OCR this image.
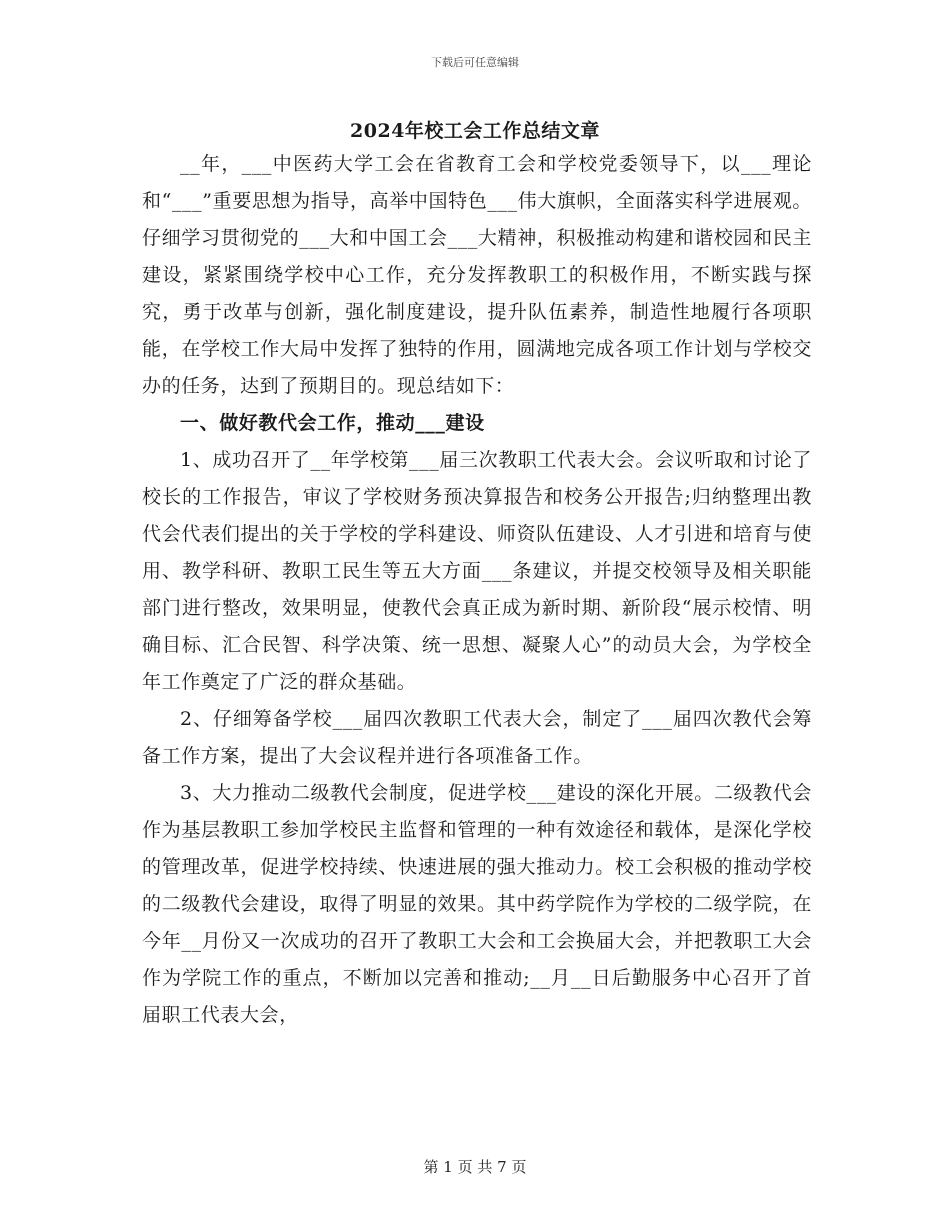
下载后可任意编辑
2024年校工会工作总结文章

__年，___中医药大学工会在省教育工会和学校党委领导下，以___理论和“___”重要思想为指导，高举中国特色___伟大旗帜，全面落实科学进展观。仔细学习贯彻党的___大和中国工会___大精神，积极推动构建和谐校园和民主建设，紧紧围绕学校中心工作，充分发挥教职工的积极作用，不断实践与探究，勇于改革与创新，强化制度建设，提升队伍素养，制造性地履行各项职能，在学校工作大局中发挥了独特的作用，圆满地完成各项工作计划与学校交办的任务，达到了预期目的。现总结如下：

一、做好教代会工作，推动___建设

1、成功召开了__年学校第___届三次教职工代表大会。会议听取和讨论了校长的工作报告，审议了学校财务预决算报告和校务公开报告;归纳整理出教代会代表们提出的关于学校的学科建设、师资队伍建设、人才引进和培育与使用、教学科研、教职工民生等五大方面___条建议，并提交校领导及相关职能部门进行整改，效果明显，使教代会真正成为新时期、新阶段“展示校情、明确目标、汇合民智、科学决策、统一思想、凝聚人心”的动员大会，为学校全年工作奠定了广泛的群众基础。

2、仔细筹备学校___届四次教职工代表大会，制定了___届四次教代会筹备工作方案，提出了大会议程并进行各项准备工作。

3、大力推动二级教代会制度，促进学校___建设的深化开展。二级教代会作为基层教职工参加学校民主监督和管理的一种有效途径和载体，是深化学校的管理改革，促进学校持续、快速进展的强大推动力。校工会积极的推动学校的二级教代会建设，取得了明显的效果。其中药学院作为学校的二级学院，在今年__月份又一次成功的召开了教职工大会和工会换届大会，并把教职工大会作为学院工作的重点，不断加以完善和推动;__月__日后勤服务中心召开了首届职工代表大会，

第 1 页 共 7 页
